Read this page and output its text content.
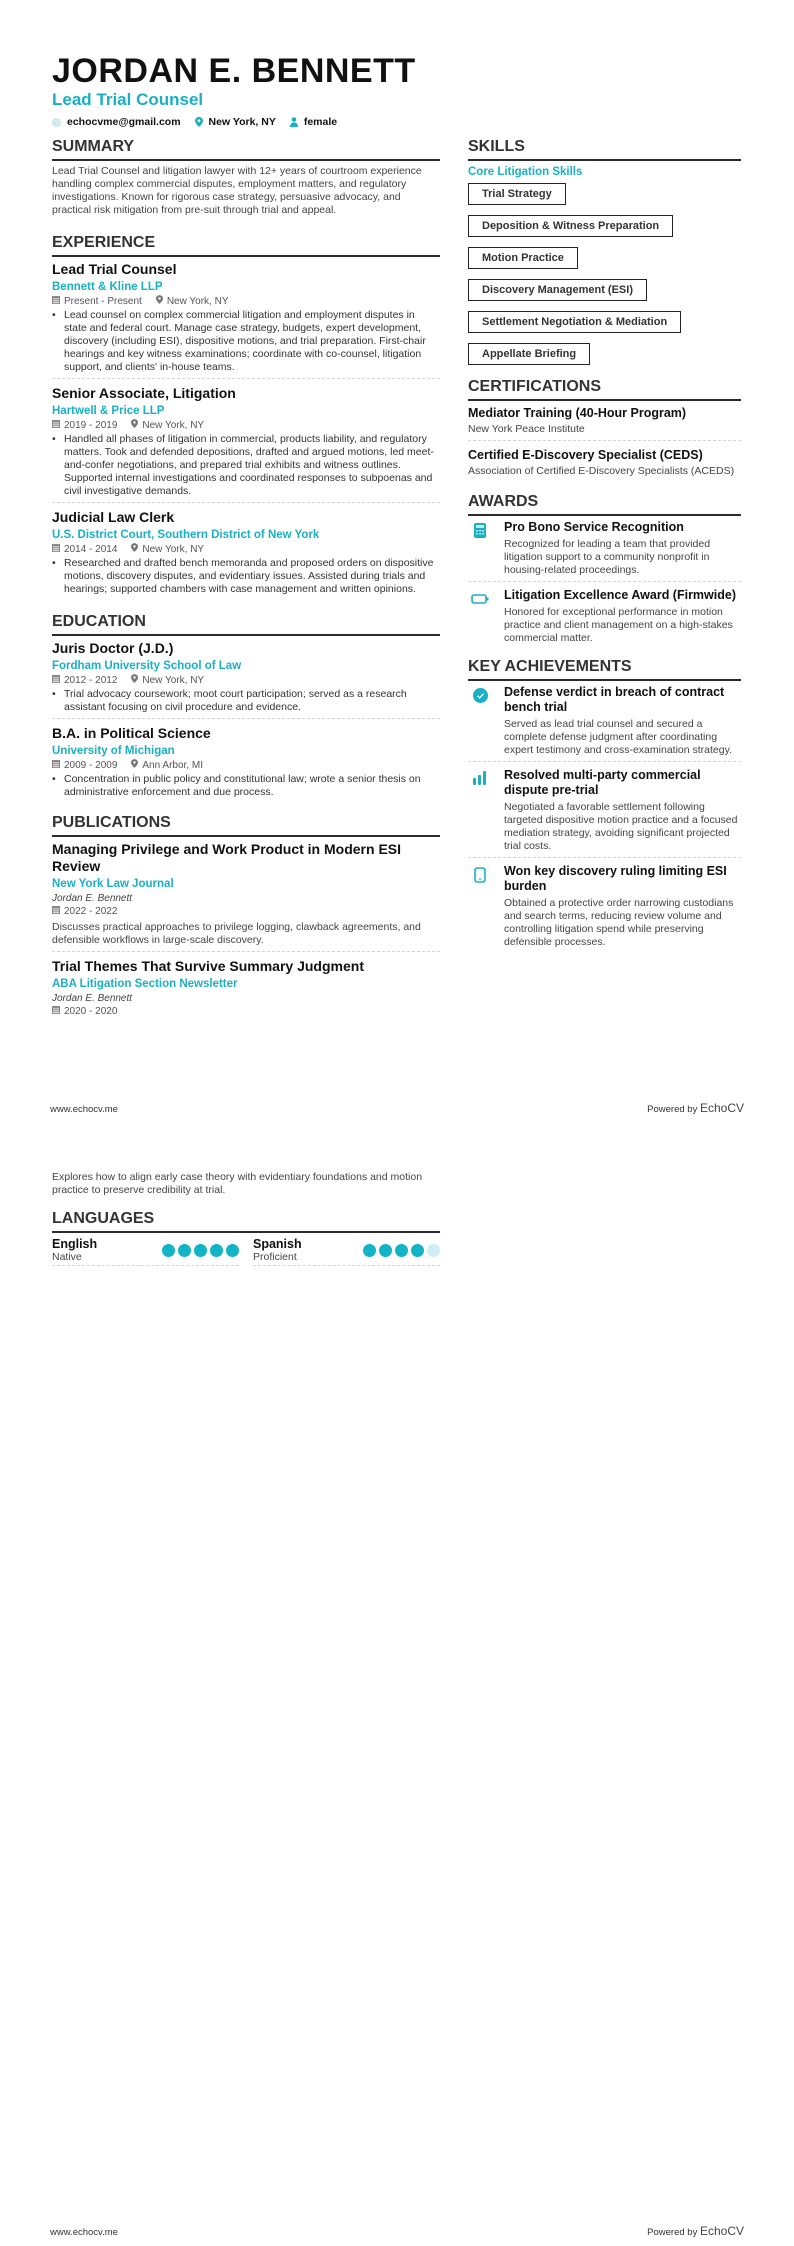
JORDAN E. BENNETT
Lead Trial Counsel
echocvme@gmail.com	New York, NY	female
SUMMARY
Lead Trial Counsel and litigation lawyer with 12+ years of courtroom experience handling complex commercial disputes, employment matters, and regulatory investigations. Known for rigorous case strategy, persuasive advocacy, and practical risk mitigation from pre-suit through trial and appeal.
EXPERIENCE
Lead Trial Counsel
Bennett & Kline LLP
Present - Present	New York, NY
• Lead counsel on complex commercial litigation and employment disputes in state and federal court. Manage case strategy, budgets, expert development, discovery (including ESI), dispositive motions, and trial preparation. First-chair hearings and key witness examinations; coordinate with co-counsel, litigation support, and clients' in-house teams.
Senior Associate, Litigation
Hartwell & Price LLP
2019 - 2019	New York, NY
• Handled all phases of litigation in commercial, products liability, and regulatory matters. Took and defended depositions, drafted and argued motions, led meet-and-confer negotiations, and prepared trial exhibits and witness outlines. Supported internal investigations and coordinated responses to subpoenas and civil investigative demands.
Judicial Law Clerk
U.S. District Court, Southern District of New York
2014 - 2014	New York, NY
• Researched and drafted bench memoranda and proposed orders on dispositive motions, discovery disputes, and evidentiary issues. Assisted during trials and hearings; supported chambers with case management and written opinions.
EDUCATION
Juris Doctor (J.D.)
Fordham University School of Law
2012 - 2012	New York, NY
• Trial advocacy coursework; moot court participation; served as a research assistant focusing on civil procedure and evidence.
B.A. in Political Science
University of Michigan
2009 - 2009	Ann Arbor, MI
• Concentration in public policy and constitutional law; wrote a senior thesis on administrative enforcement and due process.
PUBLICATIONS
Managing Privilege and Work Product in Modern ESI Review
New York Law Journal
Jordan E. Bennett
2022 - 2022
Discusses practical approaches to privilege logging, clawback agreements, and defensible workflows in large-scale discovery.
Trial Themes That Survive Summary Judgment
ABA Litigation Section Newsletter
Jordan E. Bennett
2020 - 2020
SKILLS
Core Litigation Skills
Trial Strategy
Deposition & Witness Preparation
Motion Practice
Discovery Management (ESI)
Settlement Negotiation & Mediation
Appellate Briefing
CERTIFICATIONS
Mediator Training (40-Hour Program)
New York Peace Institute
Certified E-Discovery Specialist (CEDS)
Association of Certified E-Discovery Specialists (ACEDS)
AWARDS
Pro Bono Service Recognition
Recognized for leading a team that provided litigation support to a community nonprofit in housing-related proceedings.
Litigation Excellence Award (Firmwide)
Honored for exceptional performance in motion practice and client management on a high-stakes commercial matter.
KEY ACHIEVEMENTS
Defense verdict in breach of contract bench trial
Served as lead trial counsel and secured a complete defense judgment after coordinating expert testimony and cross-examination strategy.
Resolved multi-party commercial dispute pre-trial
Negotiated a favorable settlement following targeted dispositive motion practice and a focused mediation strategy, avoiding significant projected trial costs.
Won key discovery ruling limiting ESI burden
Obtained a protective order narrowing custodians and search terms, reducing review volume and controlling litigation spend while preserving defensible processes.
www.echocv.me	Powered by EchoCV
Explores how to align early case theory with evidentiary foundations and motion practice to preserve credibility at trial.
LANGUAGES
English
Native
Spanish
Proficient
www.echocv.me	Powered by EchoCV
